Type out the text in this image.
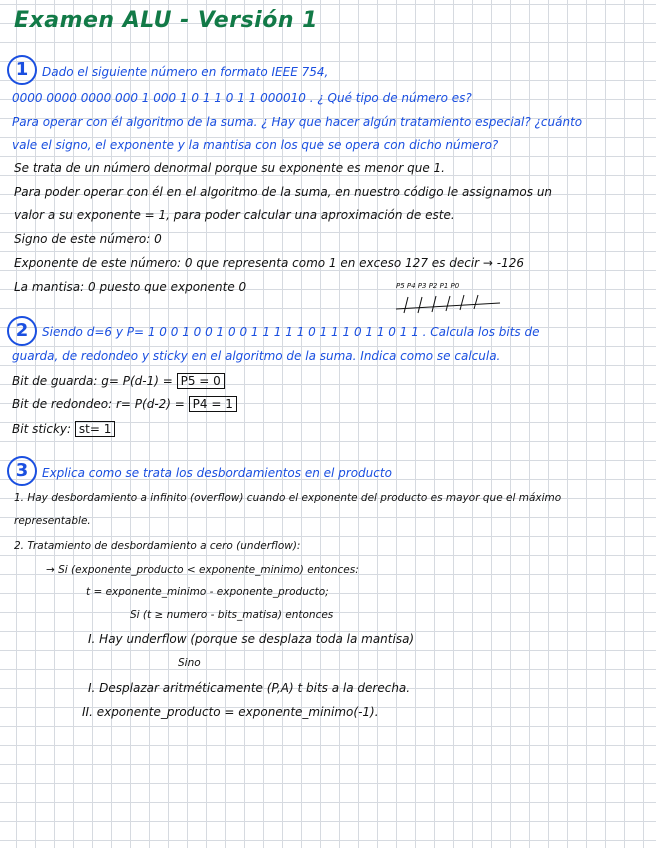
Examen ALU - Versión 1
1	Dado el siguiente número en formato IEEE 754,
0000 0000 0000 000 1 000 1 0 1 1 0 1 1 000010 . ¿ Qué tipo de número es?
Para operar con él algoritmo de la suma. ¿ Hay que hacer algún tratamiento especial? ¿cuánto
vale el signo, el exponente y la mantisa con los que se opera con dicho número?
Se trata de un número denormal porque su exponente es menor que 1.
Para poder operar con él en el algoritmo de la suma, en nuestro código le assignamos un
valor a su exponente = 1, para poder calcular una aproximación de este.
Signo de este número: 0
Exponente de este número: 0 que representa como 1 en exceso 127 es decir → -126
La mantisa: 0 puesto que exponente 0	P5 P4 P3 P2 P1 P0
2	Siendo d=6 y P= 1 0 0 1 0 0 1 0 0 1 1 1 1 1 0 1 1 1 0 1 1 0 1 1 . Calcula los bits de
guarda, de redondeo y sticky en el algoritmo de la suma. Indica como se calcula.
Bit de guarda: g= P(d-1) = P5 = 0
Bit de redondeo: r= P(d-2) = P4 = 1
Bit sticky: st= 1
3	Explica como se trata los desbordamientos en el producto
1. Hay desbordamiento a infinito (overflow) cuando el exponente del producto es mayor que el máximo
representable.
2. Tratamiento de desbordamiento a cero (underflow):
→ Si (exponente_producto < exponente_minimo) entonces:
t = exponente_minimo - exponente_producto;
Si (t ≥ numero - bits_matisa) entonces
I. Hay underflow (porque se desplaza toda la mantisa)
Sino
I. Desplazar aritméticamente (P,A) t bits a la derecha.
II. exponente_producto = exponente_minimo(-1).
